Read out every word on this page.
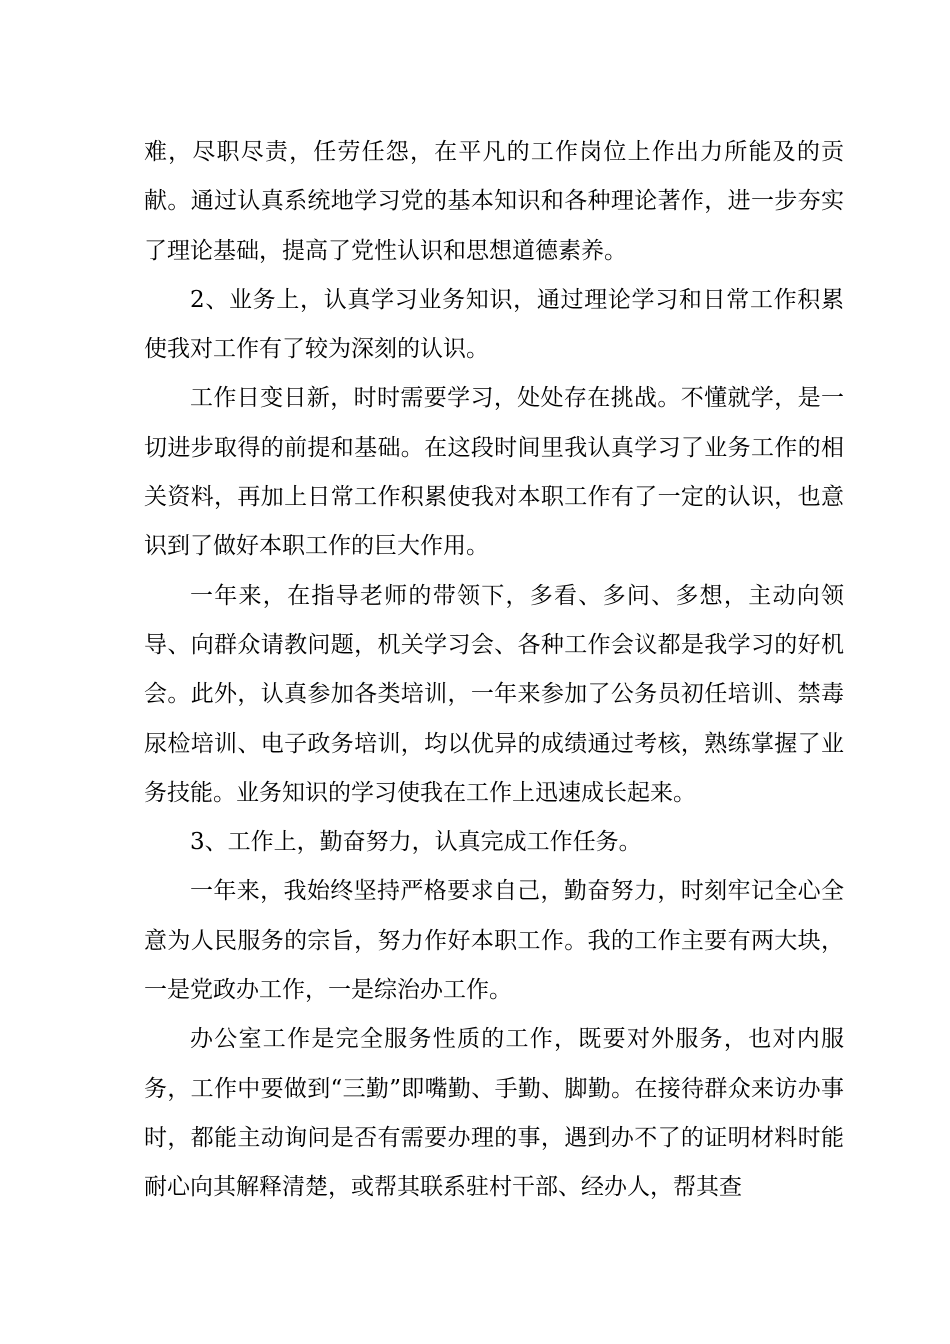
难，尽职尽责，任劳任怨，在平凡的工作岗位上作出力所能及的贡献。通过认真系统地学习党的基本知识和各种理论著作，进一步夯实了理论基础，提高了党性认识和思想道德素养。

2、业务上，认真学习业务知识，通过理论学习和日常工作积累使我对工作有了较为深刻的认识。

工作日变日新，时时需要学习，处处存在挑战。不懂就学，是一切进步取得的前提和基础。在这段时间里我认真学习了业务工作的相关资料，再加上日常工作积累使我对本职工作有了一定的认识，也意识到了做好本职工作的巨大作用。

一年来，在指导老师的带领下，多看、多问、多想，主动向领导、向群众请教问题，机关学习会、各种工作会议都是我学习的好机会。此外，认真参加各类培训，一年来参加了公务员初任培训、禁毒尿检培训、电子政务培训，均以优异的成绩通过考核，熟练掌握了业务技能。业务知识的学习使我在工作上迅速成长起来。

3、工作上，勤奋努力，认真完成工作任务。

一年来，我始终坚持严格要求自己，勤奋努力，时刻牢记全心全意为人民服务的宗旨，努力作好本职工作。我的工作主要有两大块，一是党政办工作，一是综治办工作。

办公室工作是完全服务性质的工作，既要对外服务，也对内服务，工作中要做到“三勤”即嘴勤、手勤、脚勤。在接待群众来访办事时，都能主动询问是否有需要办理的事，遇到办不了的证明材料时能耐心向其解释清楚，或帮其联系驻村干部、经办人，帮其查
